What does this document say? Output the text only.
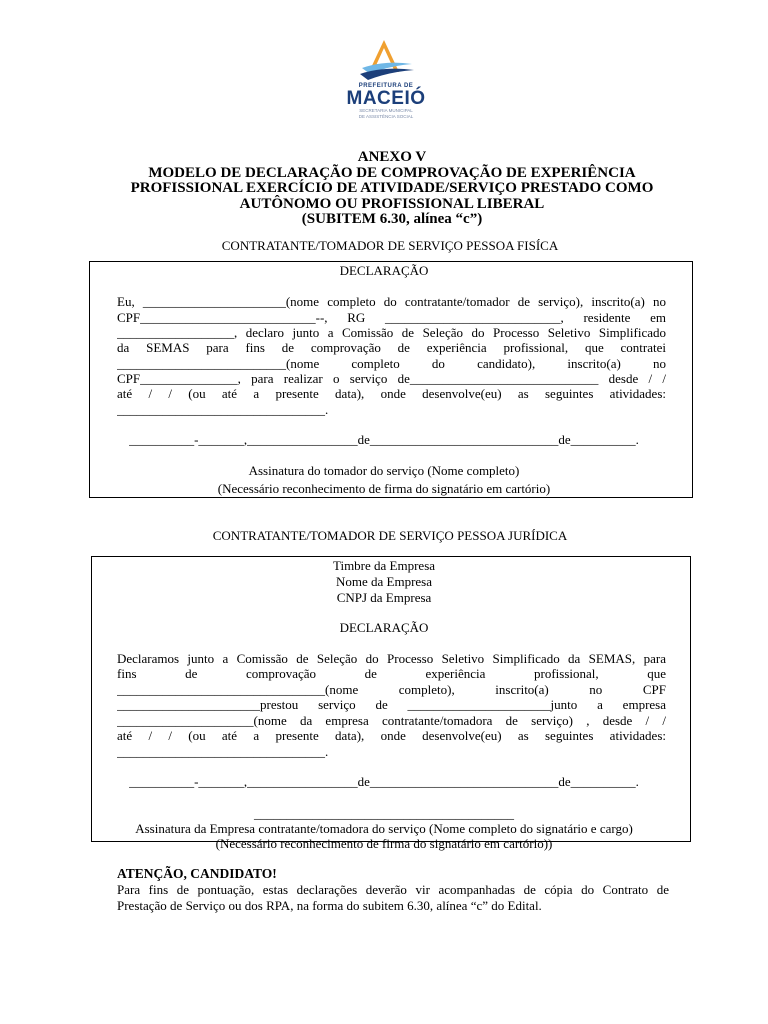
PREFEITURA DE
MACEIÓ
SECRETARIA MUNICIPAL
DE ASSISTÊNCIA SOCIAL
ANEXO V
MODELO DE DECLARAÇÃO DE COMPROVAÇÃO DE EXPERIÊNCIA
PROFISSIONAL EXERCÍCIO DE ATIVIDADE/SERVIÇO PRESTADO COMO
AUTÔNOMO OU PROFISSIONAL LIBERAL
(SUBITEM 6.30, alínea “c”)
CONTRATANTE/TOMADOR DE SERVIÇO PESSOA FISÍCA
DECLARAÇÃO
Eu, ______________________(nome completo do contratante/tomador de serviço), inscrito(a) no
CPF___________________________--, RG ___________________________, residente em
__________________, declaro junto a Comissão de Seleção do Processo Seletivo Simplificado
da SEMAS para fins de comprovação de experiência profissional, que contratei
__________________________(nome completo do candidato), inscrito(a) no
CPF_______________, para realizar o serviço de_____________________________ desde / /
até / / (ou até a presente data), onde desenvolve(eu) as seguintes atividades:
________________________________.
__________-_______,_________________de_____________________________de__________.
Assinatura do tomador do serviço (Nome completo)
(Necessário reconhecimento de firma do signatário em cartório)
CONTRATANTE/TOMADOR DE SERVIÇO PESSOA JURÍDICA
Timbre da Empresa
Nome da Empresa
CNPJ da Empresa
DECLARAÇÃO
Declaramos junto a Comissão de Seleção do Processo Seletivo Simplificado da SEMAS, para
fins de comprovação de experiência profissional, que
________________________________(nome completo), inscrito(a) no CPF
______________________prestou serviço de ______________________junto a empresa
_____________________(nome da empresa contratante/tomadora de serviço) , desde / /
até / / (ou até a presente data), onde desenvolve(eu) as seguintes atividades:
________________________________.
__________-_______,_________________de_____________________________de__________.
________________________________________
Assinatura da Empresa contratante/tomadora do serviço (Nome completo do signatário e cargo)
(Necessário reconhecimento de firma do signatário em cartório))
ATENÇÃO, CANDIDATO!
Para fins de pontuação, estas declarações deverão vir acompanhadas de cópia do Contrato de
Prestação de Serviço ou dos RPA, na forma do subitem 6.30, alínea “c” do Edital.
